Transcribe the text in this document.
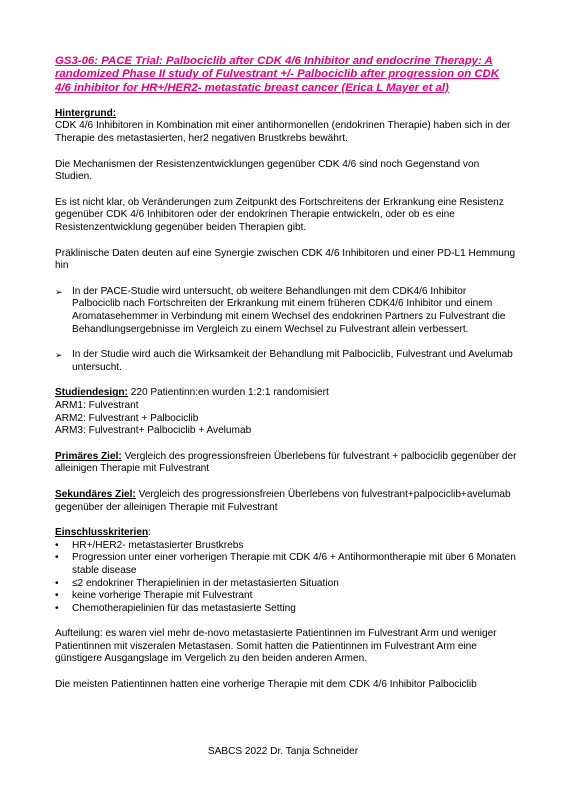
GS3-06: PACE Trial: Palbociclib after CDK 4/6 Inhibitor and endocrine Therapy: A randomized Phase II study of Fulvestrant +/- Palbociclib after progression on CDK 4/6 inhibitor for HR+/HER2- metastatic breast cancer (Erica L Mayer et al)
Hintergrund:

CDK 4/6 Inhibitoren in Kombination mit einer antihormonellen (endokrinen Therapie) haben sich in der Therapie des metastasierten, her2 negativen Brustkrebs bewährt.

Die Mechanismen der Resistenzentwicklungen gegenüber CDK 4/6 sind noch Gegenstand von Studien.

Es ist nicht klar, ob Veränderungen zum Zeitpunkt des Fortschreitens der Erkrankung eine Resistenz gegenüber CDK 4/6 Inhibitoren oder der endokrinen Therapie entwickeln, oder ob es eine Resistenzentwicklung gegenüber beiden Therapien gibt.

Präklinische Daten deuten auf eine Synergie zwischen CDK 4/6 Inhibitoren und einer PD-L1 Hemmung hin

➢ In der PACE-Studie wird untersucht, ob weitere Behandlungen mit dem CDK4/6 Inhibitor Palbociclib nach Fortschreiten der Erkrankung mit einem früheren CDK4/6 Inhibitor und einem Aromatasehemmer in Verbindung mit einem Wechsel des endokrinen Partners zu Fulvestrant die Behandlungsergebnisse im Vergleich zu einem Wechsel zu Fulvestrant allein verbessert.
➢ In der Studie wird auch die Wirksamkeit der Behandlung mit Palbociclib, Fulvestrant und Avelumab untersucht.

Studiendesign: 220 Patientinn:en wurden 1:2:1 randomisiert
ARM1: Fulvestrant
ARM2: Fulvestrant + Palbociclib
ARM3: Fulvestrant+ Palbociclib + Avelumab

Primäres Ziel: Vergleich des progressionsfreien Überlebens für fulvestrant + palbociclib gegenüber der alleinigen Therapie mit Fulvestrant

Sekundäres Ziel: Vergleich des progressionsfreien Überlebens von fulvestrant+palpociclib+avelumab gegenüber der alleinigen Therapie mit Fulvestrant

Einschlusskriterien:
• HR+/HER2- metastasierter Brustkrebs
• Progression unter einer vorherigen Therapie mit CDK 4/6 + Antihormontherapie mit über 6 Monaten stable disease
• ≤2 endokriner Therapielinien in der metastasierten Situation
• keine vorherige Therapie mit Fulvestrant
• Chemotherapielinien für das metastasierte Setting

Aufteilung: es waren viel mehr de-novo metastasierte Patientinnen im Fulvestrant Arm und weniger Patientinnen mit viszeralen Metastasen. Somit hatten die Patientinnen im Fulvestrant Arm eine günstigere Ausgangslage im Vergelich zu den beiden anderen Armen.

Die meisten Patientinnen hatten eine vorherige Therapie mit dem CDK 4/6 Inhibitor Palbociclib

SABCS 2022 Dr. Tanja Schneider
